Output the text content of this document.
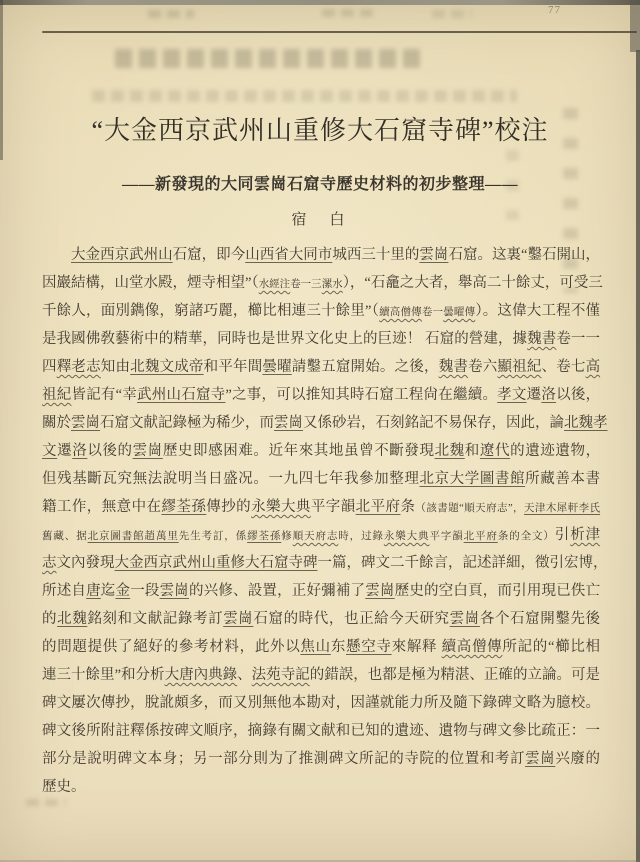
77
“大金西京武州山重修大石窟寺碑”校注
——新發現的大同雲崗石窟寺歷史材料的初步整理——
宿　白
　　大金西京武州山石窟，即今山西省大同市城西三十里的雲崗石窟。这裏“鑿石開山，
因巖結構，山堂水殿，煙寺相望”（水經注卷一三漯水），“石龕之大者，舉高二十餘丈，可受三
千餘人，面別鐫像，窮諸巧麗，櫛比相連三十餘里”（續高僧傳卷一曇曜傳）。这偉大工程不僅
是我國佛敎藝術中的精華，同時也是世界文化史上的巨迹！ 石窟的營建，據魏書卷一一
四釋老志知由北魏文成帝和平年間曇曜請鑿五窟開始。之後，魏書卷六顯祖紀、卷七高
祖紀皆記有“幸武州山石窟寺”之事，可以推知其時石窟工程尙在繼續。孝文遷洛以後，
關於雲崗石窟文献記錄極为稀少，而雲崗又係砂岩，石刻銘記不易保存，因此，論北魏孝
文遷洛以後的雲崗歷史即感困难。近年來其地虽曾不斷發現北魏和遼代的遺迹遺物，
但残基斷瓦究無法說明当日盛况。一九四七年我參加整理北京大学圖書館所藏善本書
籍工作，無意中在繆荃孫傳抄的永樂大典平字韻北平府条（該書題“順天府志”，天津木犀軒李氏
舊藏、据北京圖書館趙萬里先生考訂，係繆荃孫修順天府志時，过錄永樂大典平字韻北平府条的全文）引析津
志文內發現大金西京武州山重修大石窟寺碑一篇，碑文二千餘言，記述詳細，徵引宏博，
所述自唐迄金一段雲崗的兴修、設置，正好彌補了雲崗歷史的空白頁，而引用現已佚亡
的北魏銘刻和文献記錄考訂雲崗石窟的時代，也正給今天研究雲崗各个石窟開鑿先後
的問題提供了絕好的參考材料，此外以焦山东懸空寺來解释 續高僧傳所記的“櫛比相
連三十餘里”和分析大唐內典錄、法苑寺記的錯誤，也都是極为精湛、正確的立論。可是
碑文屢次傳抄，脫訛頗多，而又別無他本勘对，因謹就能力所及隨下錄碑文略为臆校。
碑文後所附註釋係按碑文順序，摘錄有關文献和已知的遺迹、遺物与碑文參比疏正：一
部分是說明碑文本身；另一部分則为了推測碑文所記的寺院的位置和考訂雲崗兴廢的
歷史。
